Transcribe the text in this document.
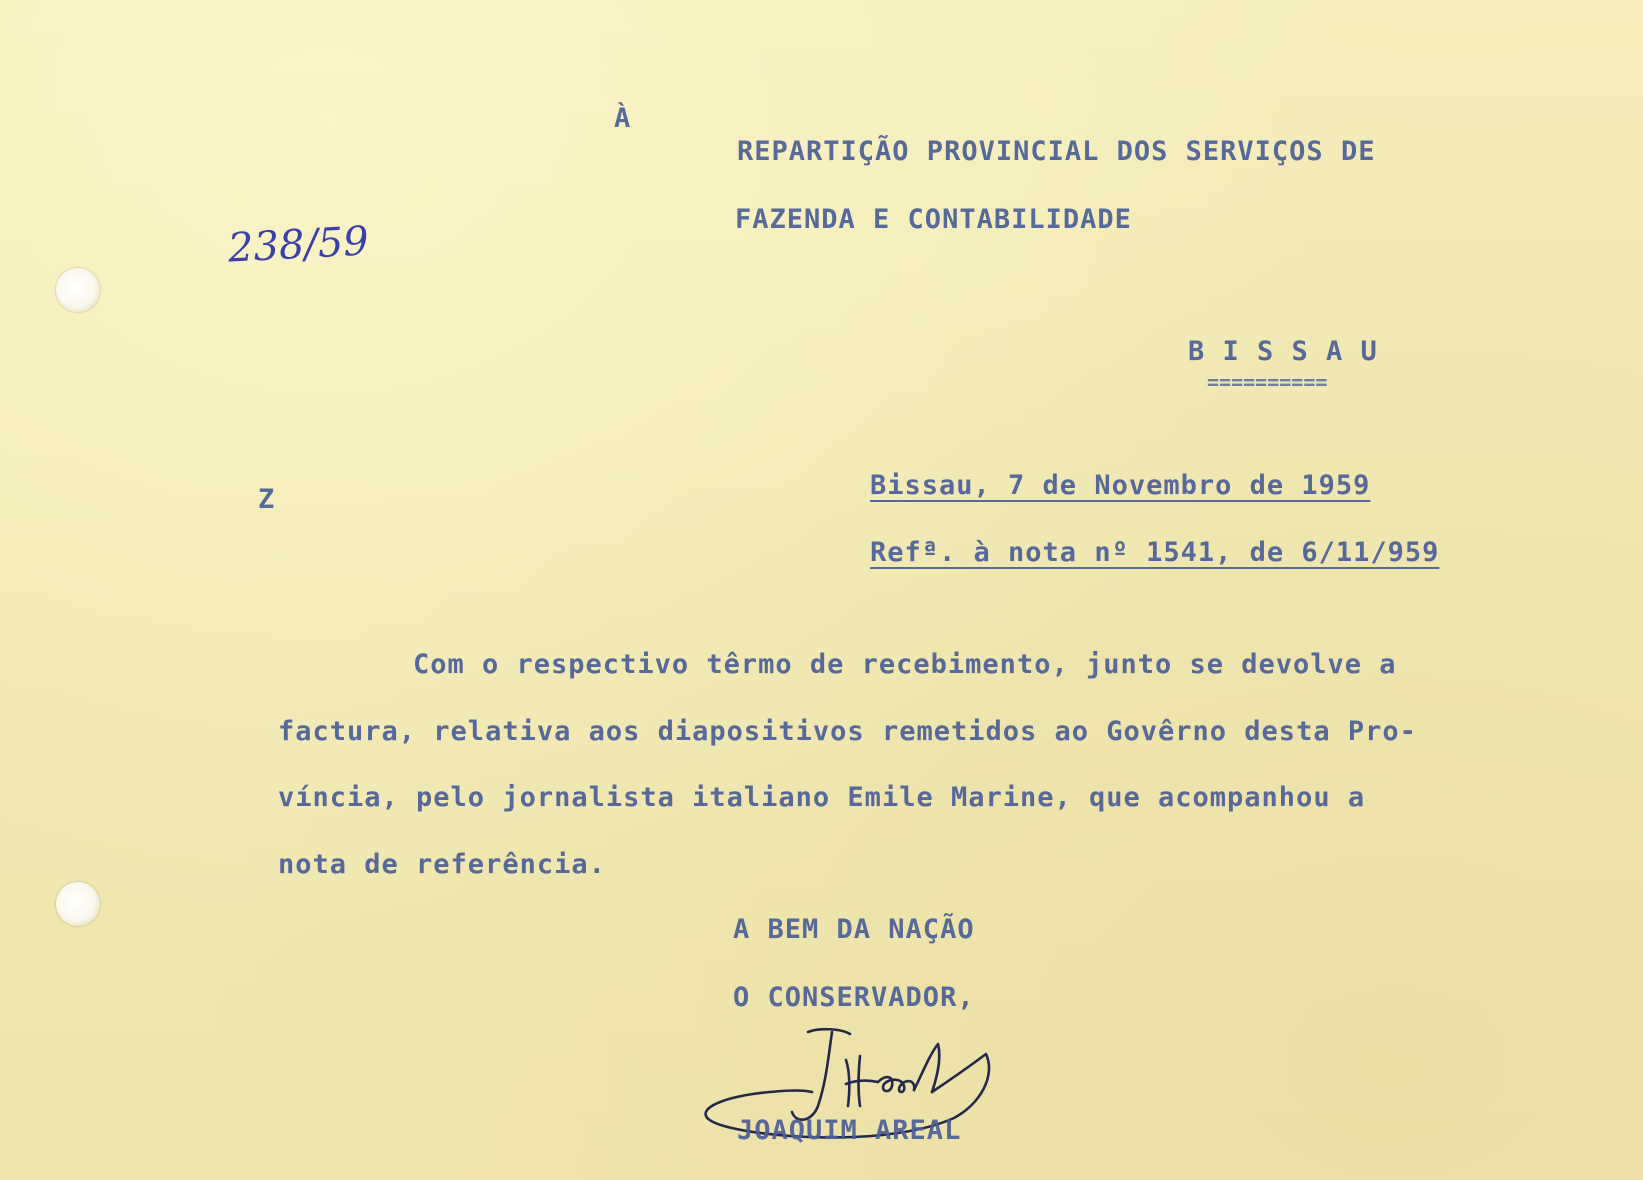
À

REPARTIÇÃO PROVINCIAL DOS SERVIÇOS DE

FAZENDA E CONTABILIDADE

238/59

B I S S A U

==========

Z	Bissau, 7 de Novembro de 1959

Refª. à nota nº 1541, de 6/11/959

Com o respectivo têrmo de recebimento, junto se devolve a

factura, relativa aos diapositivos remetidos ao Govêrno desta Pro-

víncia, pelo jornalista italiano Emile Marine, que acompanhou a

nota de referência.

A BEM DA NAÇÃO

O CONSERVADOR,

JOAQUIM AREAL
